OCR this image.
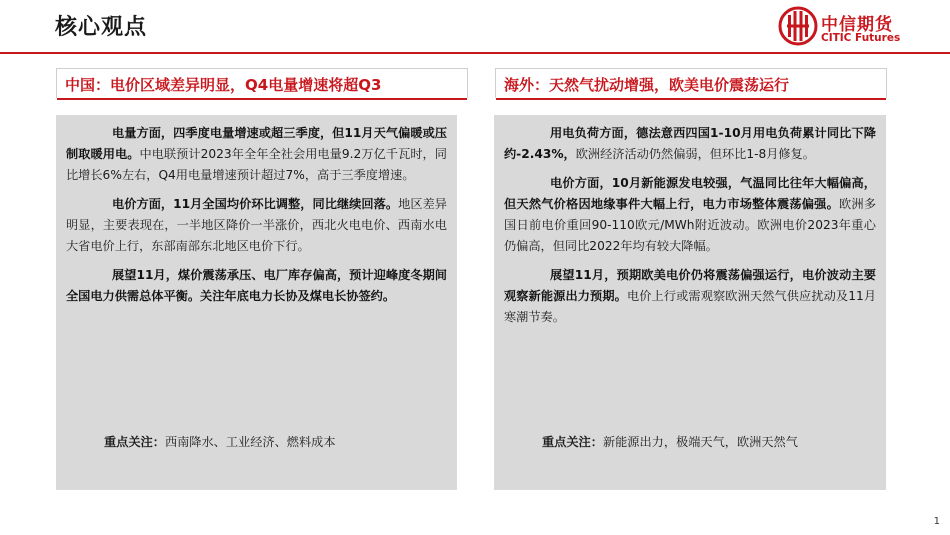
核心观点	中信期货
CITIC Futures
中国：电价区域差异明显，Q4电量增速将超Q3	海外：天然气扰动增强，欧美电价震荡运行

电量方面，四季度电量增速或超三季度，但11月天气偏暖或压制取暖用电。中电联预计2023年全年全社会用电量9.2万亿千瓦时，同比增长6%左右，Q4用电量增速预计超过7%，高于三季度增速。

电价方面，11月全国均价环比调整，同比继续回落。地区差异明显，主要表现在，一半地区降价一半涨价，西北火电电价、西南水电大省电价上行，东部南部东北地区电价下行。

展望11月，煤价震荡承压、电厂库存偏高，预计迎峰度冬期间全国电力供需总体平衡。关注年底电力长协及煤电长协签约。

重点关注：西南降水、工业经济、燃料成本

用电负荷方面，德法意西四国1-10月用电负荷累计同比下降约-2.43%，欧洲经济活动仍然偏弱，但环比1-8月修复。

电价方面，10月新能源发电较强，气温同比往年大幅偏高，但天然气价格因地缘事件大幅上行，电力市场整体震荡偏强。欧洲多国日前电价重回90-110欧元/MWh附近波动。欧洲电价2023年重心仍偏高，但同比2022年均有较大降幅。

展望11月，预期欧美电价仍将震荡偏强运行，电价波动主要观察新能源出力预期。电价上行或需观察欧洲天然气供应扰动及11月寒潮节奏。

重点关注：新能源出力，极端天气，欧洲天然气
1
